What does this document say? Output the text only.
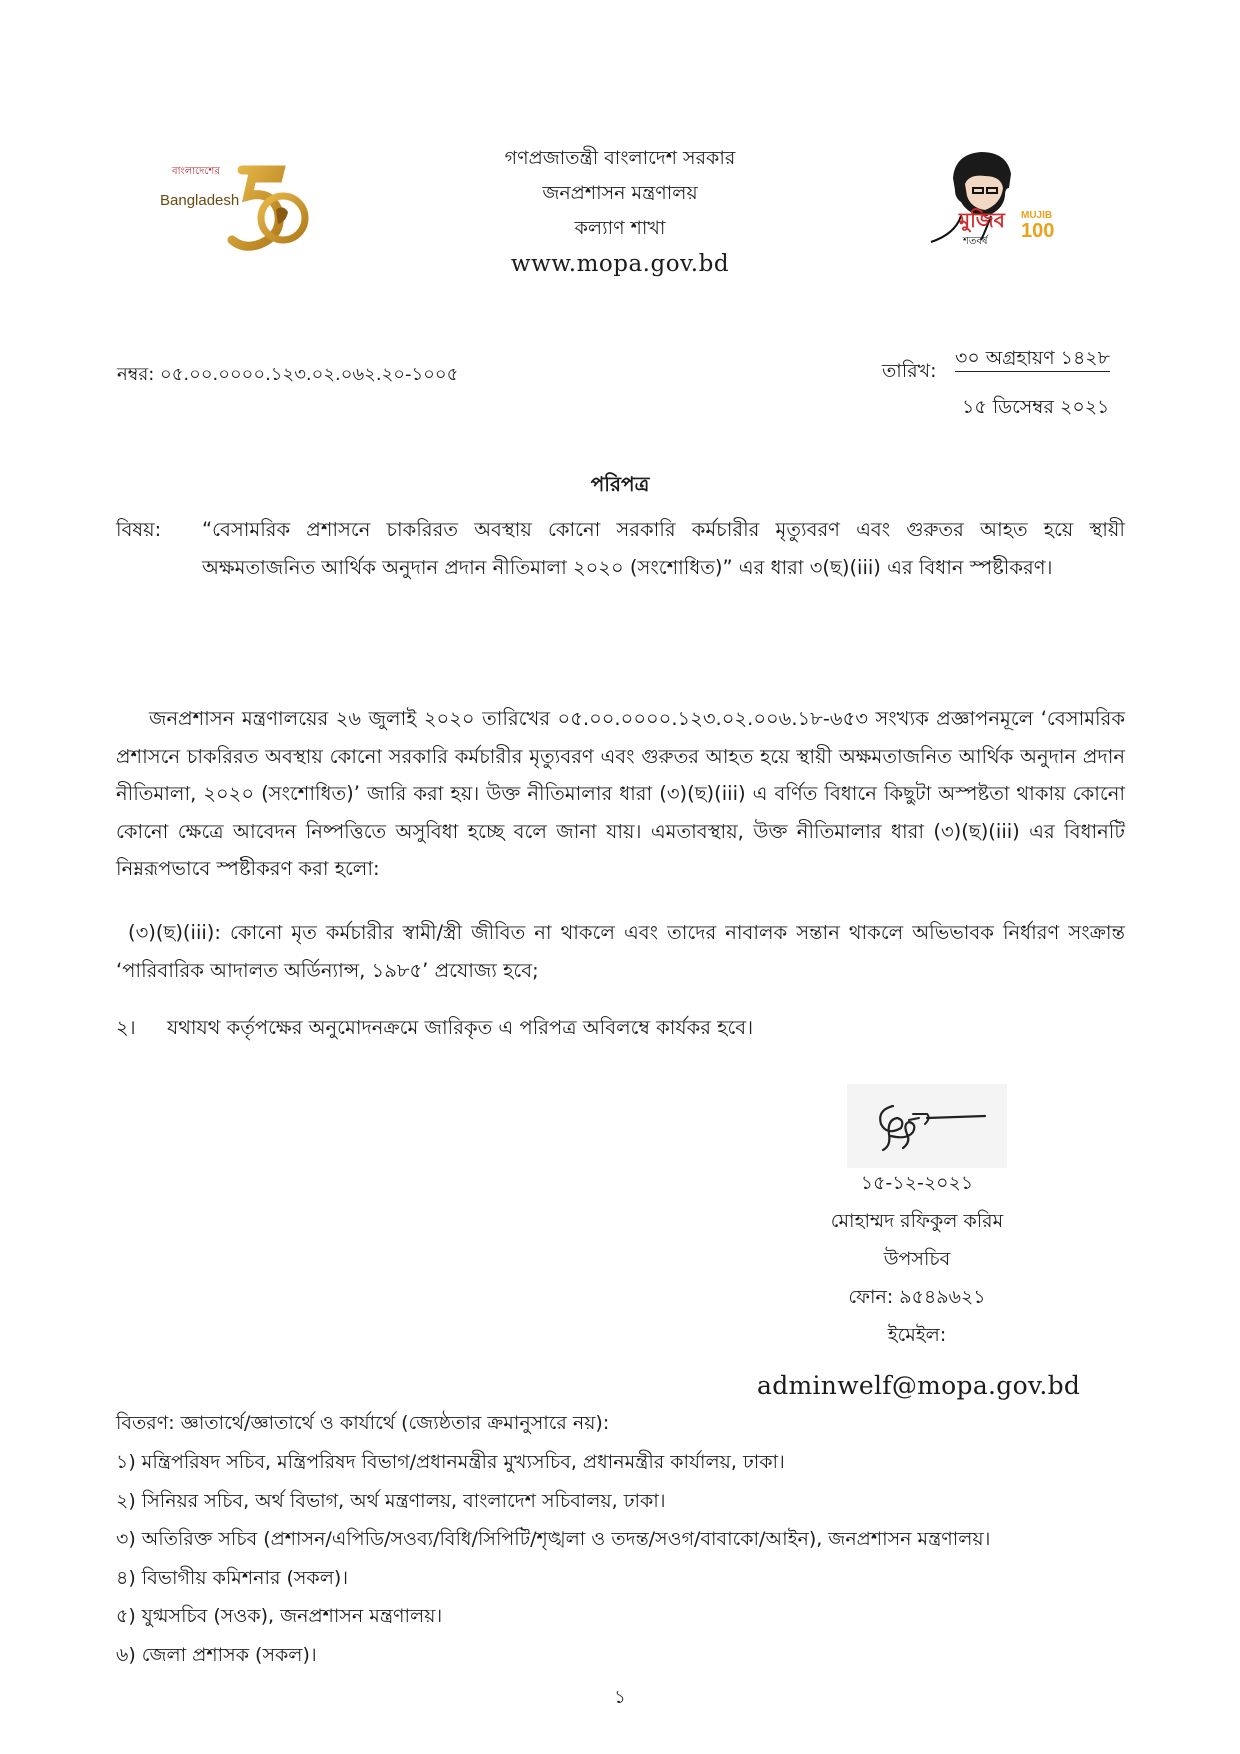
বাংলাদেশের
Bangladesh
গণপ্রজাতন্ত্রী বাংলাদেশ সরকার
জনপ্রশাসন মন্ত্রণালয়
কল্যাণ শাখা
www.mopa.gov.bd
মুজিব
শতবর্ষ
MUJIB
100
নম্বর: ০৫.০০.০০০০.১২৩.০২.০৬২.২০-১০০৫	তারিখ:
৩০ অগ্রহায়ণ ১৪২৮
১৫ ডিসেম্বর ২০২১
পরিপত্র
বিষয়: “বেসামরিক প্রশাসনে চাকরিরত অবস্থায় কোনো সরকারি কর্মচারীর মৃত্যুবরণ এবং গুরুতর আহত হয়ে স্থায়ী অক্ষমতাজনিত আর্থিক অনুদান প্রদান নীতিমালা ২০২০ (সংশোধিত)” এর ধারা ৩(ছ)(iii) এর বিধান স্পষ্টীকরণ।
জনপ্রশাসন মন্ত্রণালয়ের ২৬ জুলাই ২০২০ তারিখের ০৫.০০.০০০০.১২৩.০২.০০৬.১৮-৬৫৩ সংখ্যক প্রজ্ঞাপনমূলে ‘বেসামরিক প্রশাসনে চাকরিরত অবস্থায় কোনো সরকারি কর্মচারীর মৃত্যুবরণ এবং গুরুতর আহত হয়ে স্থায়ী অক্ষমতাজনিত আর্থিক অনুদান প্রদান নীতিমালা, ২০২০ (সংশোধিত)’ জারি করা হয়। উক্ত নীতিমালার ধারা (৩)(ছ)(iii) এ বর্ণিত বিধানে কিছুটা অস্পষ্টতা থাকায় কোনো কোনো ক্ষেত্রে আবেদন নিষ্পত্তিতে অসুবিধা হচ্ছে বলে জানা যায়। এমতাবস্থায়, উক্ত নীতিমালার ধারা (৩)(ছ)(iii) এর বিধানটি নিম্নরূপভাবে স্পষ্টীকরণ করা হলো:
(৩)(ছ)(iii): কোনো মৃত কর্মচারীর স্বামী/স্ত্রী জীবিত না থাকলে এবং তাদের নাবালক সন্তান থাকলে অভিভাবক নির্ধারণ সংক্রান্ত ‘পারিবারিক আদালত অর্ডিন্যান্স, ১৯৮৫’ প্রযোজ্য হবে;
২। যথাযথ কর্তৃপক্ষের অনুমোদনক্রমে জারিকৃত এ পরিপত্র অবিলম্বে কার্যকর হবে।
১৫-১২-২০২১
মোহাম্মদ রফিকুল করিম
উপসচিব
ফোন: ৯৫৪৯৬২১
ইমেইল:
adminwelf@mopa.gov.bd
বিতরণ: জ্ঞাতার্থে/জ্ঞাতার্থে ও কার্যার্থে (জ্যেষ্ঠতার ক্রমানুসারে নয়):
১) মন্ত্রিপরিষদ সচিব, মন্ত্রিপরিষদ বিভাগ/প্রধানমন্ত্রীর মুখ্যসচিব, প্রধানমন্ত্রীর কার্যালয়, ঢাকা।
২) সিনিয়র সচিব, অর্থ বিভাগ, অর্থ মন্ত্রণালয়, বাংলাদেশ সচিবালয়, ঢাকা।
৩) অতিরিক্ত সচিব (প্রশাসন/এপিডি/সওব্য/বিধি/সিপিটি/শৃঙ্খলা ও তদন্ত/সওগ/বাবাকো/আইন), জনপ্রশাসন মন্ত্রণালয়।
৪) বিভাগীয় কমিশনার (সকল)।
৫) যুগ্মসচিব (সওক), জনপ্রশাসন মন্ত্রণালয়।
৬) জেলা প্রশাসক (সকল)।
১
